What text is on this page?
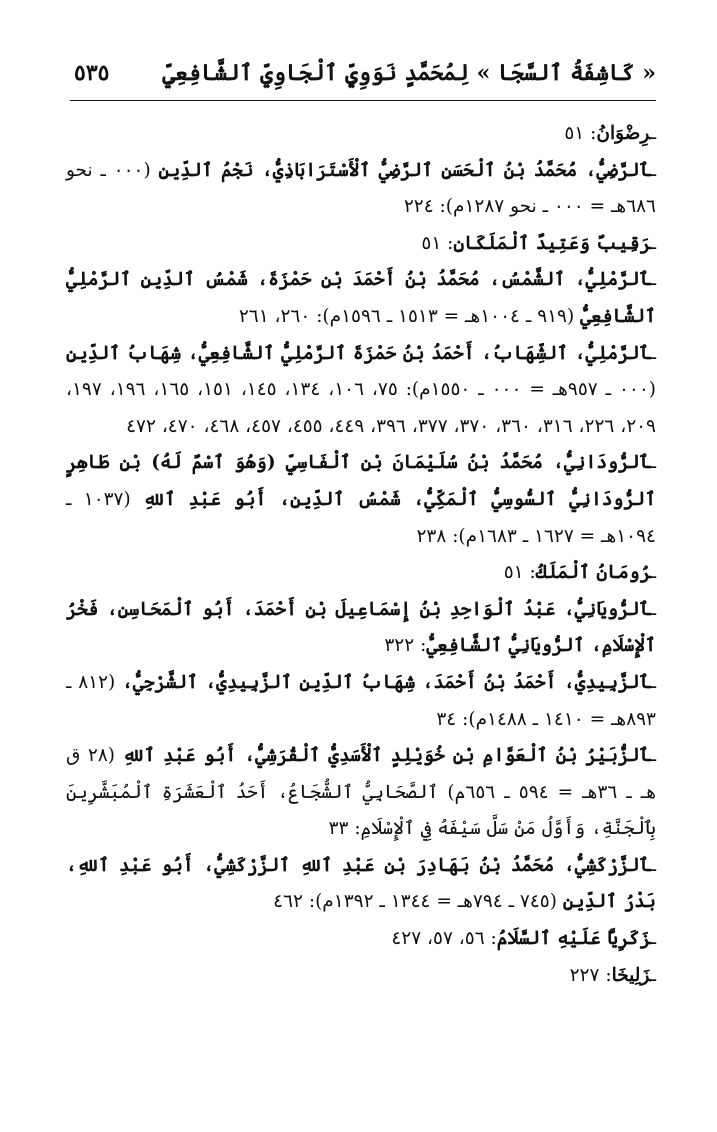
٥٣٥ « كَاشِفَةُ ٱلسَّجَا » لِمُحَمَّدٍ نَوَوِيٍّ ٱلْجَاوِيِّ ٱلشَّافِعِيِّ

ـرِضْوَانُ: ٥١

ـٱلرَّضِيُّ، مُحَمَّدُ بْنُ ٱلْحَسَنِ ٱلرَّضِيُّ ٱلْأَسْتَرَابَاذِيُّ، نَجْمُ ٱلدِّينِ (٠٠٠ ـ نحو ٦٨٦هـ = ٠٠٠ ـ نحو ١٢٨٧م): ٢٢٤

ـرَقِيبٌ وَعَتِيدٌ ٱلْمَلَكَانِ: ٥١

ـٱلرَّمْلِيُّ، ٱلشَّمْسُ، مُحَمَّدُ بْنُ أَحْمَدَ بْنِ حَمْزَةَ، شَمْسُ ٱلدِّينِ ٱلرَّمْلِيُّ ٱلشَّافِعِيُّ (٩١٩ ـ ١٠٠٤هـ = ١٥١٣ ـ ١٥٩٦م): ٢٦٠، ٢٦١

ـٱلرَّمْلِيُّ، ٱلشِّهَابُ، أَحْمَدُ بْنُ حَمْزَةَ ٱلرَّمْلِيُّ ٱلشَّافِعِيُّ، شِهَابُ ٱلدِّينِ (٠٠٠ ـ ٩٥٧هـ = ٠٠٠ ـ ١٥٥٠م): ٧٥، ١٠٦، ١٣٤، ١٤٥، ١٥١، ١٦٥، ١٩٦، ١٩٧، ٢٠٩، ٢٢٦، ٣١٦، ٣٦٠، ٣٧٠، ٣٧٧، ٣٩٦، ٤٤٩، ٤٥٥، ٤٥٧، ٤٦٨، ٤٧٠، ٤٧٢

ـٱلرُّودَانِيُّ، مُحَمَّدُ بْنُ سُلَيْمَانَ بْنِ ٱلْفَاسِيِّ (وَهُوَ ٱسْمٌ لَهُ) بْنِ طَاهِرٍ ٱلرُّودَانِيُّ ٱلسُّوسِيُّ ٱلْمَكِّيُّ، شَمْسُ ٱلدِّينِ، أَبُو عَبْدِ ٱللهِ (١٠٣٧ ـ ١٠٩٤هـ = ١٦٢٧ ـ ١٦٨٣م): ٢٣٨

ـرُومَانُ ٱلْمَلَكُ: ٥١

ـٱلرُّويَانِيُّ، عَبْدُ ٱلْوَاحِدِ بْنُ إِسْمَاعِيلَ بْنِ أَحْمَدَ، أَبُو ٱلْمَحَاسِنِ، فَخْرُ ٱلْإِسْلَامِ، ٱلرُّويَانِيُّ ٱلشَّافِعِيُّ: ٣٢٢

ـٱلزَّبِيدِيُّ، أَحْمَدُ بْنُ أَحْمَدَ، شِهَابُ ٱلدِّينِ ٱلزَّبِيدِيُّ، ٱلشَّرْجِيُّ، (٨١٢ ـ ٨٩٣هـ = ١٤١٠ ـ ١٤٨٨م): ٣٤

ـٱلزُّبَيْرُ بْنُ ٱلْعَوَّامِ بْنِ خُوَيْلِدٍ ٱلْأَسَدِيُّ ٱلْقُرَشِيُّ، أَبُو عَبْدِ ٱللهِ (٢٨ ق هـ ـ ٣٦هـ = ٥٩٤ ـ ٦٥٦م) ٱلصَّحَابِيُّ ٱلشُّجَاعُ، أَحَدُ ٱلْعَشَرَةِ ٱلْمُبَشَّرِينَ بِٱلْجَنَّةِ، وَأَوَّلُ مَنْ سَلَّ سَيْفَهُ فِي ٱلْإِسْلَامِ: ٣٣

ـٱلزَّرْكَشِيُّ، مُحَمَّدُ بْنُ بَهَادِرَ بْنِ عَبْدِ ٱللهِ ٱلزَّرْكَشِيُّ، أَبُو عَبْدِ ٱللهِ، بَدْرُ ٱلدِّينِ (٧٤٥ ـ ٧٩٤هـ = ١٣٤٤ ـ ١٣٩٢م): ٤٦٢

ـزَكَرِيَّا عَلَيْهِ ٱلسَّلَامُ: ٥٦، ٥٧، ٤٢٧

ـزَلِيخَا: ٢٢٧
